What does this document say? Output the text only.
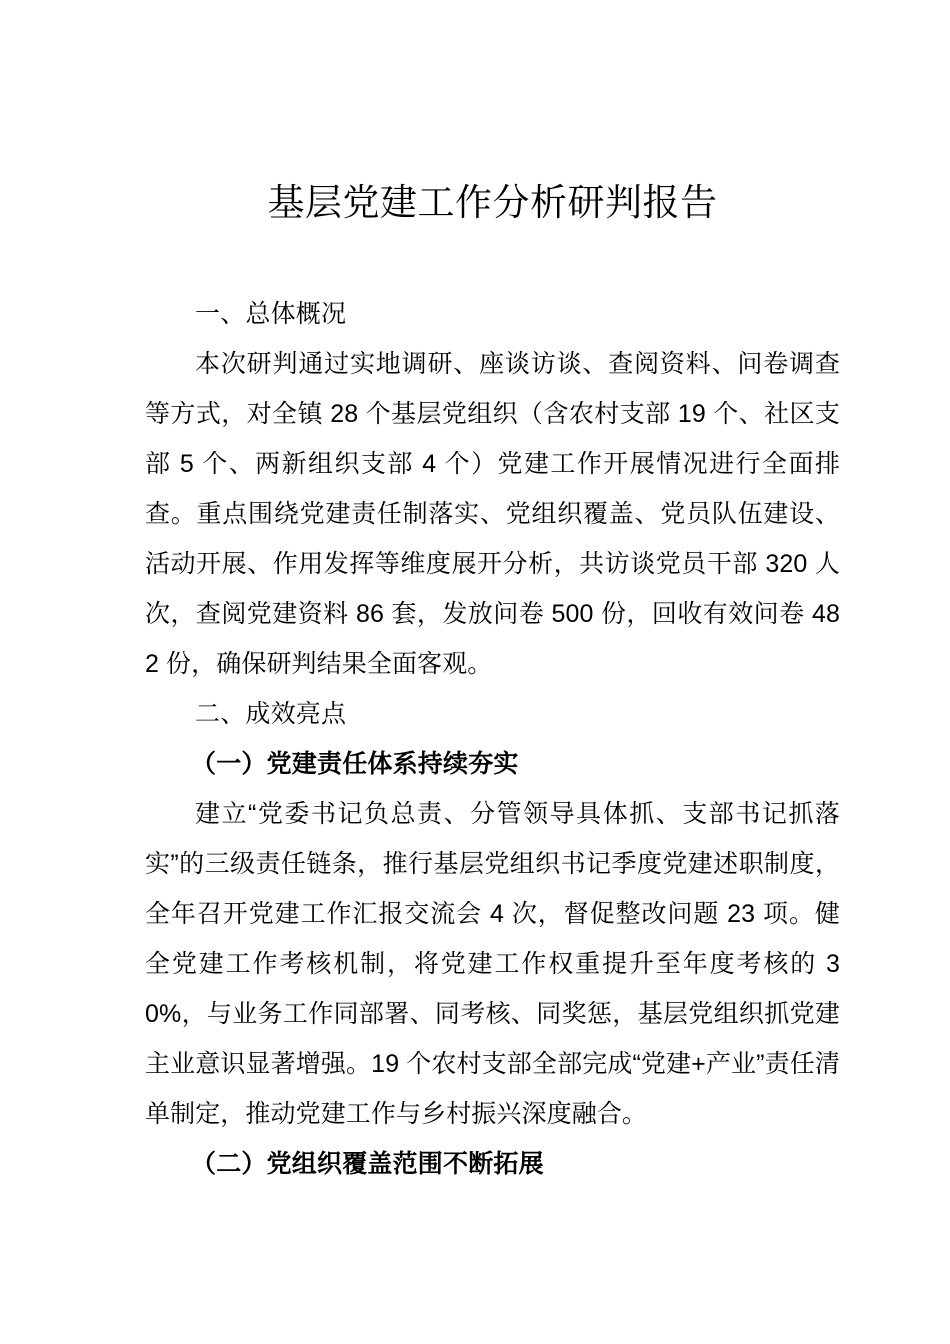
基层党建工作分析研判报告

一、总体概况

本次研判通过实地调研、座谈访谈、查阅资料、问卷调查等方式，对全镇 28 个基层党组织（含农村支部 19 个、社区支部 5 个、两新组织支部 4 个）党建工作开展情况进行全面排查。重点围绕党建责任制落实、党组织覆盖、党员队伍建设、活动开展、作用发挥等维度展开分析，共访谈党员干部 320 人次，查阅党建资料 86 套，发放问卷 500 份，回收有效问卷 482 份，确保研判结果全面客观。

二、成效亮点

（一）党建责任体系持续夯实

建立“党委书记负总责、分管领导具体抓、支部书记抓落实”的三级责任链条，推行基层党组织书记季度党建述职制度，全年召开党建工作汇报交流会 4 次，督促整改问题 23 项。健全党建工作考核机制，将党建工作权重提升至年度考核的 30%，与业务工作同部署、同考核、同奖惩，基层党组织抓党建主业意识显著增强。19 个农村支部全部完成“党建+产业”责任清单制定，推动党建工作与乡村振兴深度融合。

（二）党组织覆盖范围不断拓展
